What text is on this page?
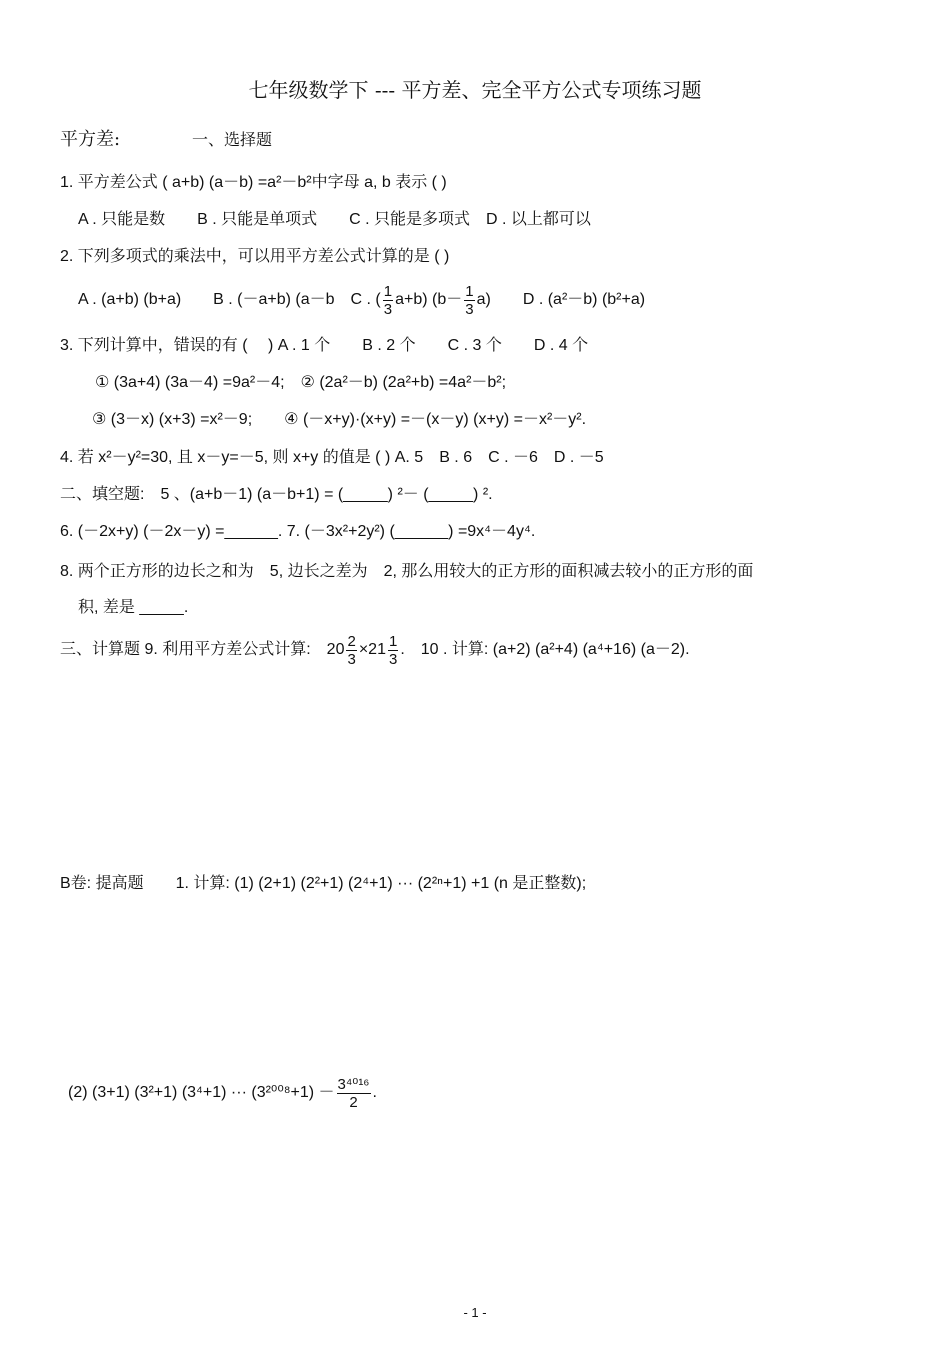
七年级数学下 --- 平方差、完全平方公式专项练习题
平方差:	一、选择题
1. 平方差公式 ( a+b) (a－b) =a²－b²中字母 a, b 表示 ( )
A . 只能是数　　B . 只能是单项式　　C . 只能是多项式　D . 以上都可以
2. 下列多项式的乘法中，可以用平方差公式计算的是 ( )
A . (a+b) (b+a)　　B . (－a+b) (a－b　C . ( $\frac{1}{3} a+b$) $(b- \frac{1}{3} a)$　　D . (a²－b) (b²+a)
3. 下列计算中，错误的有 ( 　) A . 1 个　　B . 2 个　　C . 3 个　　D . 4 个
① (3a+4) (3a－4) =9a²－4;　② (2a²－b) (2a²+b) =4a²－b²;
③ (3－x) (x+3) =x²－9;　　④ (－x+y)·(x+y) =－(x－y) (x+y) =－x²－y².
4. 若 x²－y²=30, 且 x－y=－5, 则 x+y 的值是 ( ) A. 5　B . 6　C . －6　D . －5
二、填空题:　5 、(a+b－1) (a－b+1) = (_____) ²－ (_____) ².
6. (－2x+y) (－2x－y) =______. 7. (－3x²+2y²) (______) =9x⁴－4y⁴.
8. 两个正方形的边长之和为　5, 边长之差为　2, 那么用较大的正方形的面积减去较小的正方形的面
积, 差是 _____.
三、计算题 9. 利用平方差公式计算:　$20 \frac{2}{3} \times 21 \frac{1}{3}$ .　10 . 计算: (a+2) (a²+4) (a⁴+16) (a－2).
B卷: 提高题　　1. 计算: (1) (2+1) (2²+1) (2⁴+1) ··· (2²ⁿ+1) +1 (n 是正整数);
(2) (3+1) (3²+1) (3⁴+1) ··· $(3^{2008}+1) - \frac{\text{3⁴⁰¹⁶}}{2}$ .
- 1 -
